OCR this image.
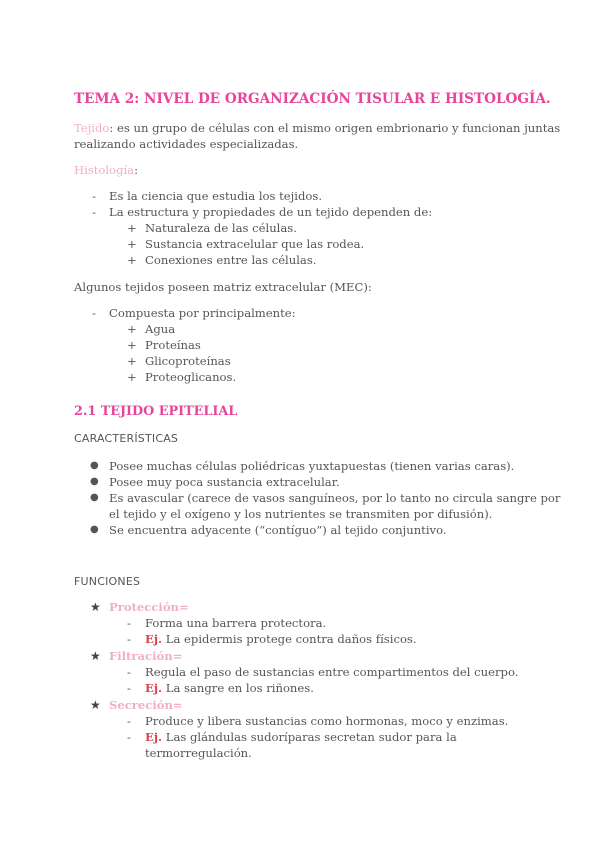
TEMA 2: NIVEL DE ORGANIZACIÓN TISULAR E HISTOLOGÍA.
Tejido: es un grupo de células con el mismo origen embrionario y funcionan juntas
realizando actividades especializadas.
Histología:
- Es la ciencia que estudia los tejidos.
- La estructura y propiedades de un tejido dependen de:
+ Naturaleza de las células.
+ Sustancia extracelular que las rodea.
+ Conexiones entre las células.
Algunos tejidos poseen matriz extracelular (MEC):
- Compuesta por principalmente:
+ Agua
+ Proteínas
+ Glicoproteínas
+ Proteoglicanos.
2.1 TEJIDO EPITELIAL
CARACTERÍSTICAS
● Posee muchas células poliédricas yuxtapuestas (tienen varias caras).
● Posee muy poca sustancia extracelular.
● Es avascular (carece de vasos sanguíneos, por lo tanto no circula sangre por
el tejido y el oxígeno y los nutrientes se transmiten por difusión).
● Se encuentra adyacente (“contíguo”) al tejido conjuntivo.
FUNCIONES
★ Protección=
- Forma una barrera protectora.
- Ej. La epidermis protege contra daños físicos.
★ Filtración=
- Regula el paso de sustancias entre compartimentos del cuerpo.
- Ej. La sangre en los riñones.
★ Secreción=
- Produce y libera sustancias como hormonas, moco y enzimas.
- Ej. Las glándulas sudoríparas secretan sudor para la
termorregulación.
